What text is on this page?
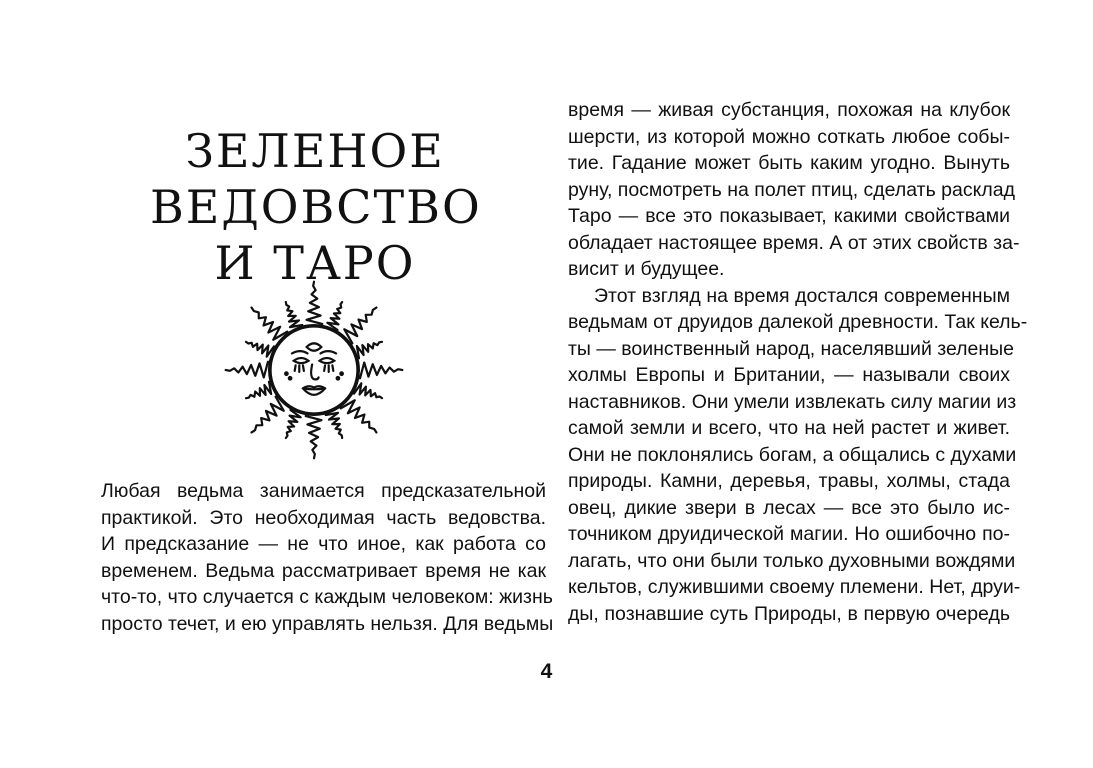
ЗЕЛЕНОЕ
ВЕДОВСТВО
И ТАРО
Любая ведьма занимается предсказательной
практикой. Это необходимая часть ведовства.
И предсказание — не что иное, как работа со
временем. Ведьма рассматривает время не как
что-то, что случается с каждым человеком: жизнь
просто течет, и ею управлять нельзя. Для ведьмы
время — живая субстанция, похожая на клубок
шерсти, из которой можно соткать любое собы-
тие. Гадание может быть каким угодно. Вынуть
руну, посмотреть на полет птиц, сделать расклад
Таро — все это показывает, какими свойствами
обладает настоящее время. А от этих свойств за-
висит и будущее.
Этот взгляд на время достался современным
ведьмам от друидов далекой древности. Так кель-
ты — воинственный народ, населявший зеленые
холмы Европы и Британии, — называли своих
наставников. Они умели извлекать силу магии из
самой земли и всего, что на ней растет и живет.
Они не поклонялись богам, а общались с духами
природы. Камни, деревья, травы, холмы, стада
овец, дикие звери в лесах — все это было ис-
точником друидической магии. Но ошибочно по-
лагать, что они были только духовными вождями
кельтов, служившими своему племени. Нет, друи-
ды, познавшие суть Природы, в первую очередь
4
